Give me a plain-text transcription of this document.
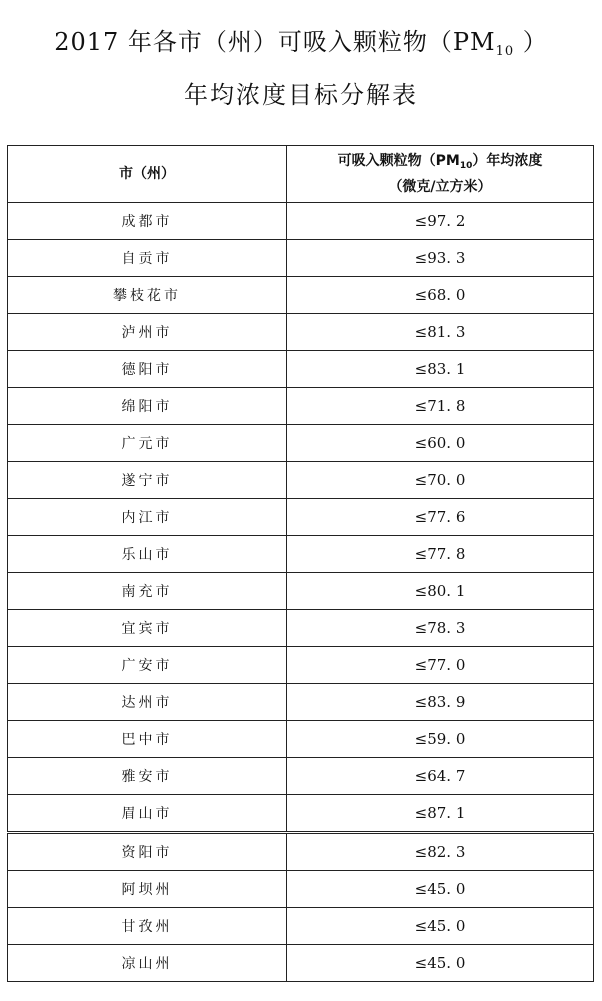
2017 年各市（州）可吸入颗粒物（$PM_{10}$ ）
年均浓度目标分解表
市（州）	可吸入颗粒物$(PM_{10})$年均浓度
（微克/立方米）
成都市	≤97. 2
自贡市	≤93. 3
攀枝花市	≤68. 0
泸州市	≤81. 3
德阳市	≤83. 1
绵阳市	≤71. 8
广元市	≤60. 0
遂宁市	≤70. 0
内江市	≤77. 6
乐山市	≤77. 8
南充市	≤80. 1
宜宾市	≤78. 3
广安市	≤77. 0
达州市	≤83. 9
巴中市	≤59. 0
雅安市	≤64. 7
眉山市	≤87. 1
资阳市	≤82. 3
阿坝州	≤45. 0
甘孜州	≤45. 0
凉山州	≤45. 0
